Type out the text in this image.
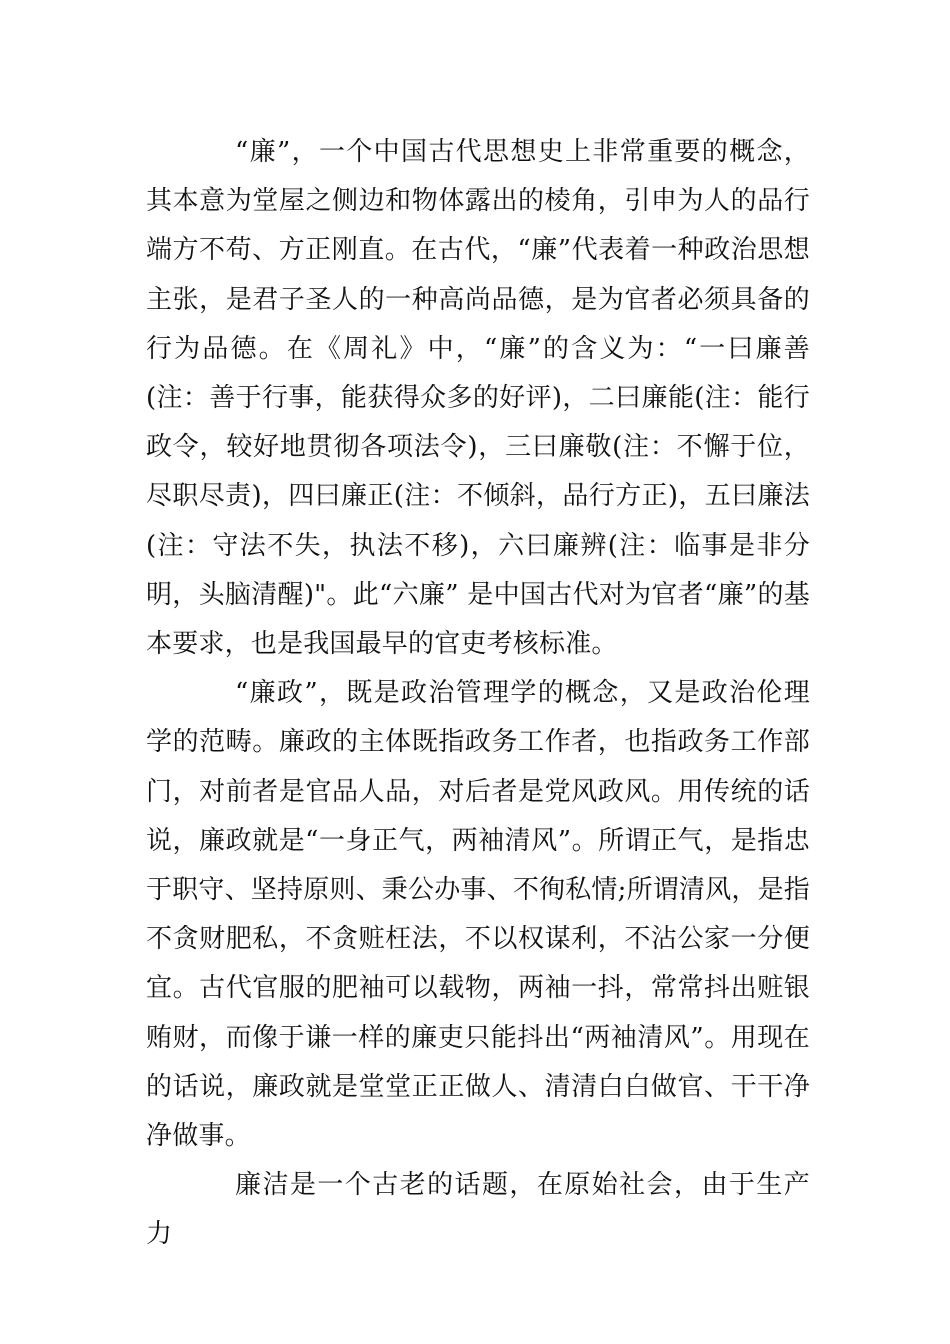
“廉”，一个中国古代思想史上非常重要的概念，其本意为堂屋之侧边和物体露出的棱角，引申为人的品行端方不苟、方正刚直。在古代，“廉”代表着一种政治思想主张，是君子圣人的一种高尚品德，是为官者必须具备的行为品德。在《周礼》中，“廉”的含义为：“一曰廉善(注：善于行事，能获得众多的好评)，二曰廉能(注：能行政令，较好地贯彻各项法令)，三曰廉敬(注：不懈于位，尽职尽责)，四曰廉正(注：不倾斜，品行方正)，五曰廉法(注：守法不失，执法不移)，六曰廉辨(注：临事是非分明，头脑清醒)"。此“六廉” 是中国古代对为官者“廉”的基本要求，也是我国最早的官吏考核标准。

“廉政”，既是政治管理学的概念，又是政治伦理学的范畴。廉政的主体既指政务工作者，也指政务工作部门，对前者是官品人品，对后者是党风政风。用传统的话说，廉政就是“一身正气，两袖清风”。所谓正气，是指忠于职守、坚持原则、秉公办事、不徇私情;所谓清风，是指不贪财肥私，不贪赃枉法，不以权谋利，不沾公家一分便宜。古代官服的肥袖可以载物，两袖一抖，常常抖出赃银贿财，而像于谦一样的廉吏只能抖出“两袖清风”。用现在的话说，廉政就是堂堂正正做人、清清白白做官、干干净净做事。

廉洁是一个古老的话题，在原始社会，由于生产力
